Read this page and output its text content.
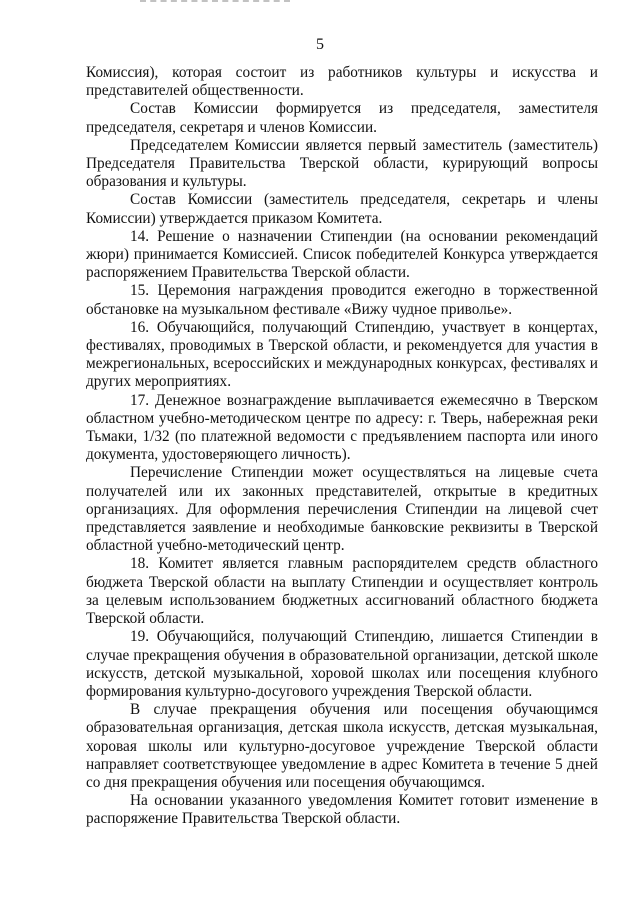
5

Комиссия), которая состоит из работников культуры и искусства и представителей общественности.

Состав Комиссии формируется из председателя, заместителя председателя, секретаря и членов Комиссии.

Председателем Комиссии является первый заместитель (заместитель) Председателя Правительства Тверской области, курирующий вопросы образования и культуры.

Состав Комиссии (заместитель председателя, секретарь и члены Комиссии) утверждается приказом Комитета.

14. Решение о назначении Стипендии (на основании рекомендаций жюри) принимается Комиссией. Список победителей Конкурса утверждается распоряжением Правительства Тверской области.

15. Церемония награждения проводится ежегодно в торжественной обстановке на музыкальном фестивале «Вижу чудное приволье».

16. Обучающийся, получающий Стипендию, участвует в концертах, фестивалях, проводимых в Тверской области, и рекомендуется для участия в межрегиональных, всероссийских и международных конкурсах, фестивалях и других мероприятиях.

17. Денежное вознаграждение выплачивается ежемесячно в Тверском областном учебно-методическом центре по адресу: г. Тверь, набережная реки Тьмаки, 1/32 (по платежной ведомости с предъявлением паспорта или иного документа, удостоверяющего личность).

Перечисление Стипендии может осуществляться на лицевые счета получателей или их законных представителей, открытые в кредитных организациях. Для оформления перечисления Стипендии на лицевой счет представляется заявление и необходимые банковские реквизиты в Тверской областной учебно-методический центр.

18. Комитет является главным распорядителем средств областного бюджета Тверской области на выплату Стипендии и осуществляет контроль за целевым использованием бюджетных ассигнований областного бюджета Тверской области.

19. Обучающийся, получающий Стипендию, лишается Стипендии в случае прекращения обучения в образовательной организации, детской школе искусств, детской музыкальной, хоровой школах или посещения клубного формирования культурно-досугового учреждения Тверской области.

В случае прекращения обучения или посещения обучающимся образовательная организация, детская школа искусств, детская музыкальная, хоровая школы или культурно-досуговое учреждение Тверской области направляет соответствующее уведомление в адрес Комитета в течение 5 дней со дня прекращения обучения или посещения обучающимся.

На основании указанного уведомления Комитет готовит изменение в распоряжение Правительства Тверской области.
